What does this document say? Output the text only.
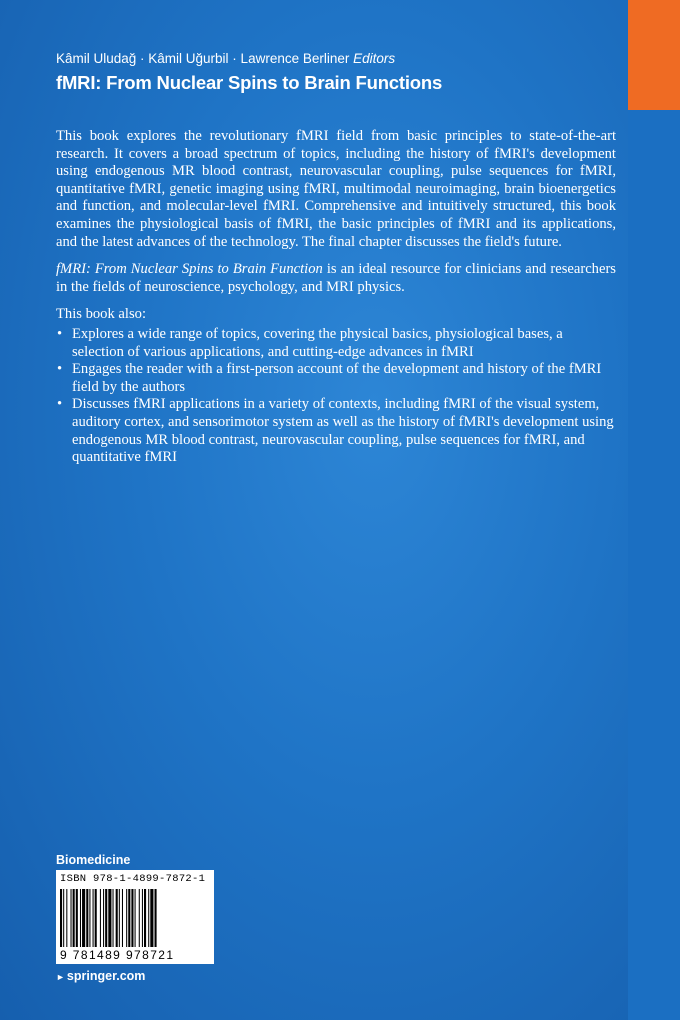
Kâmil Uludağ · Kâmil Uğurbil · Lawrence Berliner Editors
fMRI: From Nuclear Spins to Brain Functions

This book explores the revolutionary fMRI field from basic principles to state-of-the-art research. It covers a broad spectrum of topics, including the history of fMRI's development using endogenous MR blood contrast, neurovascular coupling, pulse sequences for fMRI, quantitative fMRI, genetic imaging using fMRI, multimodal neuroimaging, brain bioenergetics and function, and molecular-level fMRI. Comprehensive and intuitively structured, this book examines the physiological basis of fMRI, the basic principles of fMRI and its applications, and the latest advances of the technology. The final chapter discusses the field's future.

fMRI: From Nuclear Spins to Brain Function is an ideal resource for clinicians and researchers in the fields of neuroscience, psychology, and MRI physics.

This book also:

• Explores a wide range of topics, covering the physical basics, physiological bases, a selection of various applications, and cutting-edge advances in fMRI
• Engages the reader with a first-person account of the development and history of the fMRI field by the authors
• Discusses fMRI applications in a variety of contexts, including fMRI of the visual system, auditory cortex, and sensorimotor system as well as the history of fMRI's development using endogenous MR blood contrast, neurovascular coupling, pulse sequences for fMRI, and quantitative fMRI
Biomedicine
ISBN 978-1-4899-7872-1
9 781489 978721
► springer.com
